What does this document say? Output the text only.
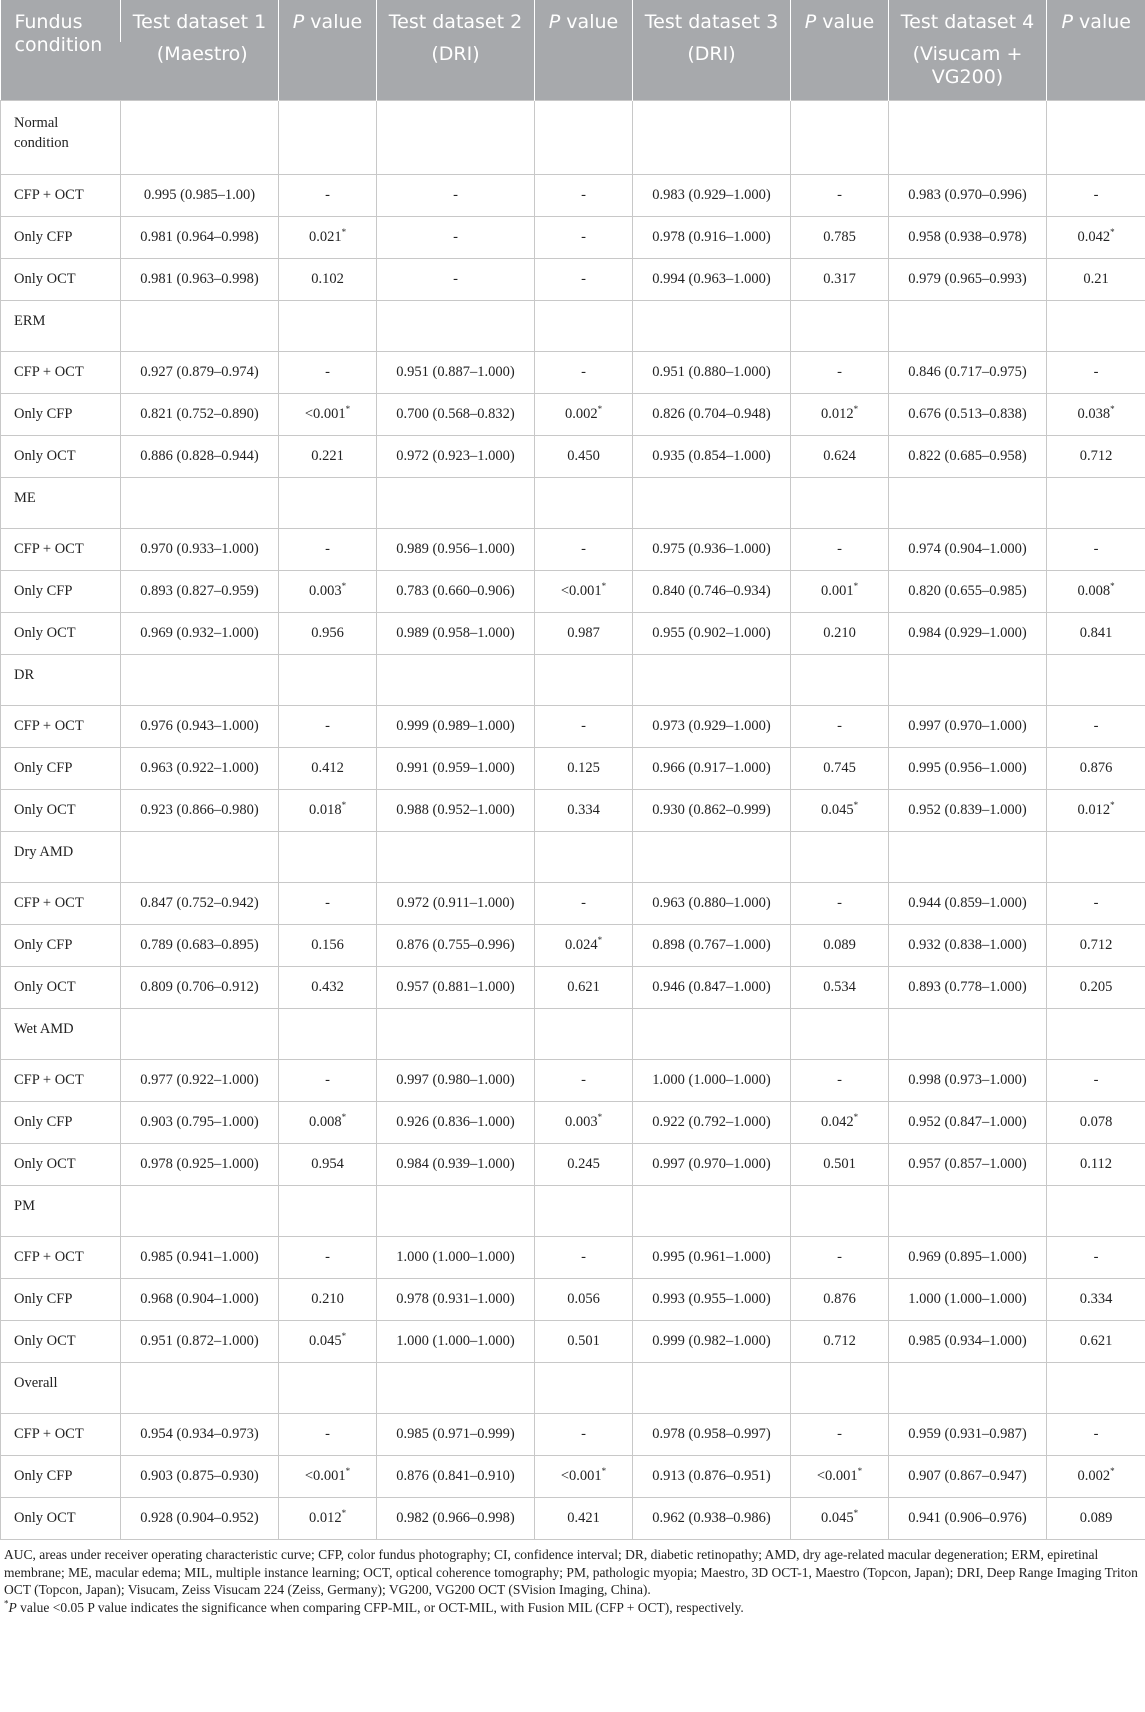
Fundus condition	Test dataset 1	P value	Test dataset 2	P value	Test dataset 3	P value	Test dataset 4	P value
	(Maestro)		(DRI)		(DRI)		(Visucam + VG200)	
Normal condition								
CFP + OCT	0.995 (0.985–1.00)	-	-	-	0.983 (0.929–1.000)	-	0.983 (0.970–0.996)	-
Only CFP	0.981 (0.964–0.998)	0.021*	-	-	0.978 (0.916–1.000)	0.785	0.958 (0.938–0.978)	0.042*
Only OCT	0.981 (0.963–0.998)	0.102	-	-	0.994 (0.963–1.000)	0.317	0.979 (0.965–0.993)	0.21
ERM								
CFP + OCT	0.927 (0.879–0.974)	-	0.951 (0.887–1.000)	-	0.951 (0.880–1.000)	-	0.846 (0.717–0.975)	-
Only CFP	0.821 (0.752–0.890)	<0.001*	0.700 (0.568–0.832)	0.002*	0.826 (0.704–0.948)	0.012*	0.676 (0.513–0.838)	0.038*
Only OCT	0.886 (0.828–0.944)	0.221	0.972 (0.923–1.000)	0.450	0.935 (0.854–1.000)	0.624	0.822 (0.685–0.958)	0.712
ME								
CFP + OCT	0.970 (0.933–1.000)	-	0.989 (0.956–1.000)	-	0.975 (0.936–1.000)	-	0.974 (0.904–1.000)	-
Only CFP	0.893 (0.827–0.959)	0.003*	0.783 (0.660–0.906)	<0.001*	0.840 (0.746–0.934)	0.001*	0.820 (0.655–0.985)	0.008*
Only OCT	0.969 (0.932–1.000)	0.956	0.989 (0.958–1.000)	0.987	0.955 (0.902–1.000)	0.210	0.984 (0.929–1.000)	0.841
DR								
CFP + OCT	0.976 (0.943–1.000)	-	0.999 (0.989–1.000)	-	0.973 (0.929–1.000)	-	0.997 (0.970–1.000)	-
Only CFP	0.963 (0.922–1.000)	0.412	0.991 (0.959–1.000)	0.125	0.966 (0.917–1.000)	0.745	0.995 (0.956–1.000)	0.876
Only OCT	0.923 (0.866–0.980)	0.018*	0.988 (0.952–1.000)	0.334	0.930 (0.862–0.999)	0.045*	0.952 (0.839–1.000)	0.012*
Dry AMD								
CFP + OCT	0.847 (0.752–0.942)	-	0.972 (0.911–1.000)	-	0.963 (0.880–1.000)	-	0.944 (0.859–1.000)	-
Only CFP	0.789 (0.683–0.895)	0.156	0.876 (0.755–0.996)	0.024*	0.898 (0.767–1.000)	0.089	0.932 (0.838–1.000)	0.712
Only OCT	0.809 (0.706–0.912)	0.432	0.957 (0.881–1.000)	0.621	0.946 (0.847–1.000)	0.534	0.893 (0.778–1.000)	0.205
Wet AMD								
CFP + OCT	0.977 (0.922–1.000)	-	0.997 (0.980–1.000)	-	1.000 (1.000–1.000)	-	0.998 (0.973–1.000)	-
Only CFP	0.903 (0.795–1.000)	0.008*	0.926 (0.836–1.000)	0.003*	0.922 (0.792–1.000)	0.042*	0.952 (0.847–1.000)	0.078
Only OCT	0.978 (0.925–1.000)	0.954	0.984 (0.939–1.000)	0.245	0.997 (0.970–1.000)	0.501	0.957 (0.857–1.000)	0.112
PM								
CFP + OCT	0.985 (0.941–1.000)	-	1.000 (1.000–1.000)	-	0.995 (0.961–1.000)	-	0.969 (0.895–1.000)	-
Only CFP	0.968 (0.904–1.000)	0.210	0.978 (0.931–1.000)	0.056	0.993 (0.955–1.000)	0.876	1.000 (1.000–1.000)	0.334
Only OCT	0.951 (0.872–1.000)	0.045*	1.000 (1.000–1.000)	0.501	0.999 (0.982–1.000)	0.712	0.985 (0.934–1.000)	0.621
Overall								
CFP + OCT	0.954 (0.934–0.973)	-	0.985 (0.971–0.999)	-	0.978 (0.958–0.997)	-	0.959 (0.931–0.987)	-
Only CFP	0.903 (0.875–0.930)	<0.001*	0.876 (0.841–0.910)	<0.001*	0.913 (0.876–0.951)	<0.001*	0.907 (0.867–0.947)	0.002*
Only OCT	0.928 (0.904–0.952)	0.012*	0.982 (0.966–0.998)	0.421	0.962 (0.938–0.986)	0.045*	0.941 (0.906–0.976)	0.089

AUC, areas under receiver operating characteristic curve; CFP, color fundus photography; CI, confidence interval; DR, diabetic retinopathy; AMD, dry age-related macular degeneration; ERM, epiretinal membrane; ME, macular edema; MIL, multiple instance learning; OCT, optical coherence tomography; PM, pathologic myopia; Maestro, 3D OCT-1, Maestro (Topcon, Japan); DRI, Deep Range Imaging Triton OCT (Topcon, Japan); Visucam, Zeiss Visucam 224 (Zeiss, Germany); VG200, VG200 OCT (SVision Imaging, China).

*P value <0.05 P value indicates the significance when comparing CFP-MIL, or OCT-MIL, with Fusion MIL (CFP + OCT), respectively.
